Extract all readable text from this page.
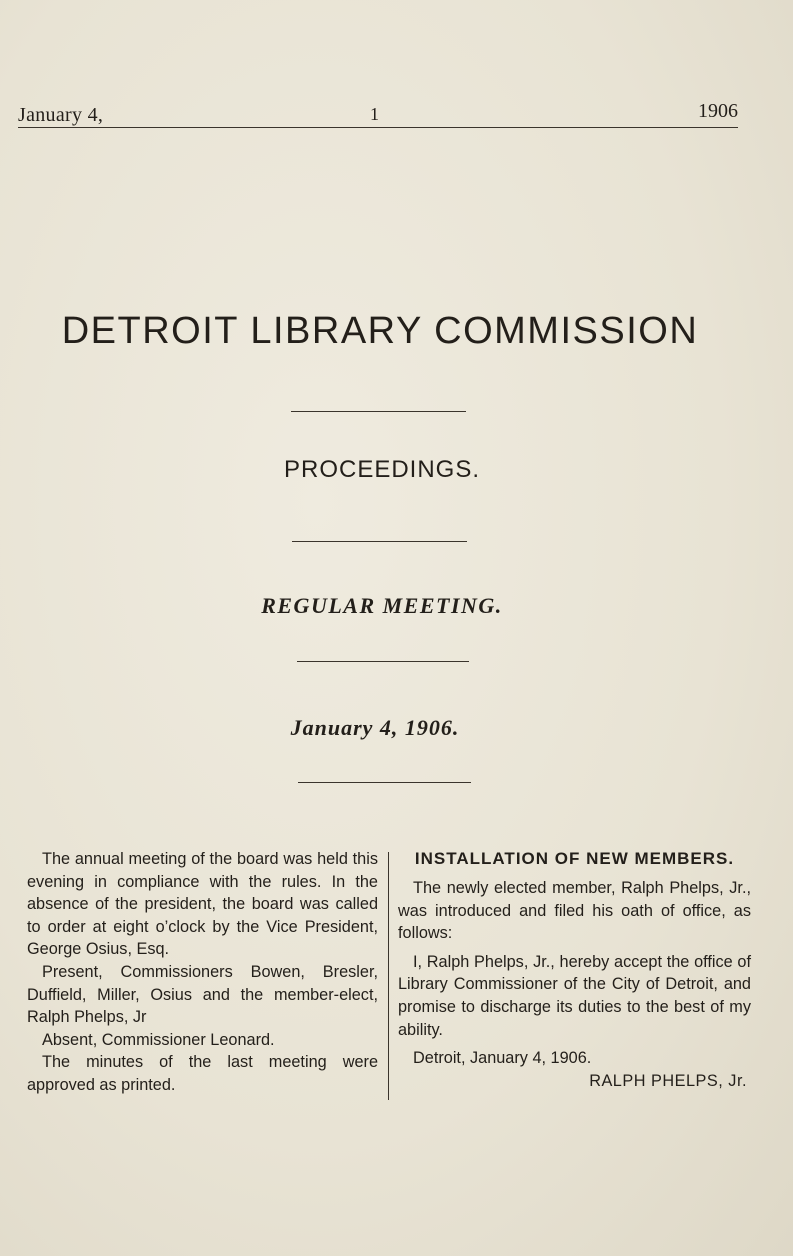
January 4,	1	1906
DETROIT LIBRARY COMMISSION
PROCEEDINGS.
REGULAR MEETING.
January 4, 1906.

The annual meeting of the board was held this evening in compliance with the rules. In the absence of the president, the board was called to order at eight o’clock by the Vice President, George Osius, Esq.

Present, Commissioners Bowen, Bresler, Duffield, Miller, Osius and the member-elect, Ralph Phelps, Jr

Absent, Commissioner Leonard.

The minutes of the last meeting were approved as printed.

INSTALLATION OF NEW MEMBERS.

The newly elected member, Ralph Phelps, Jr., was introduced and filed his oath of office, as follows:

I, Ralph Phelps, Jr., hereby accept the office of Library Commissioner of the City of Detroit, and promise to discharge its duties to the best of my ability.

Detroit, January 4, 1906.

RALPH PHELPS, Jr.
